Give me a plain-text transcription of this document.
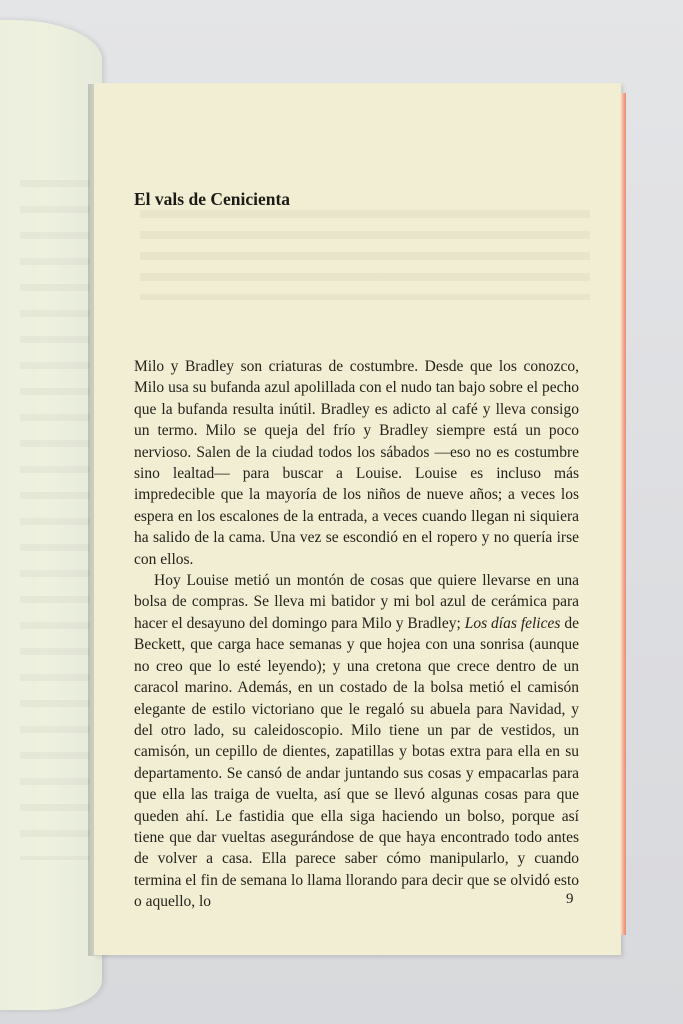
El vals de Cenicienta

Milo y Bradley son criaturas de costumbre. Desde que los conozco, Milo usa su bufanda azul apolillada con el nudo tan bajo sobre el pecho que la bufanda resulta inútil. Bradley es adicto al café y lleva consigo un termo. Milo se queja del frío y Bradley siempre está un poco nervioso. Salen de la ciudad todos los sábados —eso no es costumbre sino lealtad— para buscar a Louise. Louise es incluso más impredecible que la mayoría de los niños de nueve años; a veces los espera en los escalones de la entrada, a veces cuando llegan ni siquiera ha salido de la cama. Una vez se escondió en el ropero y no quería irse con ellos.

Hoy Louise metió un montón de cosas que quiere llevarse en una bolsa de compras. Se lleva mi batidor y mi bol azul de cerámica para hacer el desayuno del domingo para Milo y Bradley; Los días felices de Beckett, que carga hace semanas y que hojea con una sonrisa (aunque no creo que lo esté leyendo); y una cretona que crece dentro de un caracol marino. Además, en un costado de la bolsa metió el camisón elegante de estilo victoriano que le regaló su abuela para Navidad, y del otro lado, su caleidoscopio. Milo tiene un par de vestidos, un camisón, un cepillo de dientes, zapatillas y botas extra para ella en su departamento. Se cansó de andar juntando sus cosas y empacarlas para que ella las traiga de vuelta, así que se llevó algunas cosas para que queden ahí. Le fastidia que ella siga haciendo un bolso, porque así tiene que dar vueltas asegurándose de que haya encontrado todo antes de volver a casa. Ella parece saber cómo manipularlo, y cuando termina el fin de semana lo llama llorando para decir que se olvidó esto o aquello, lo	9
